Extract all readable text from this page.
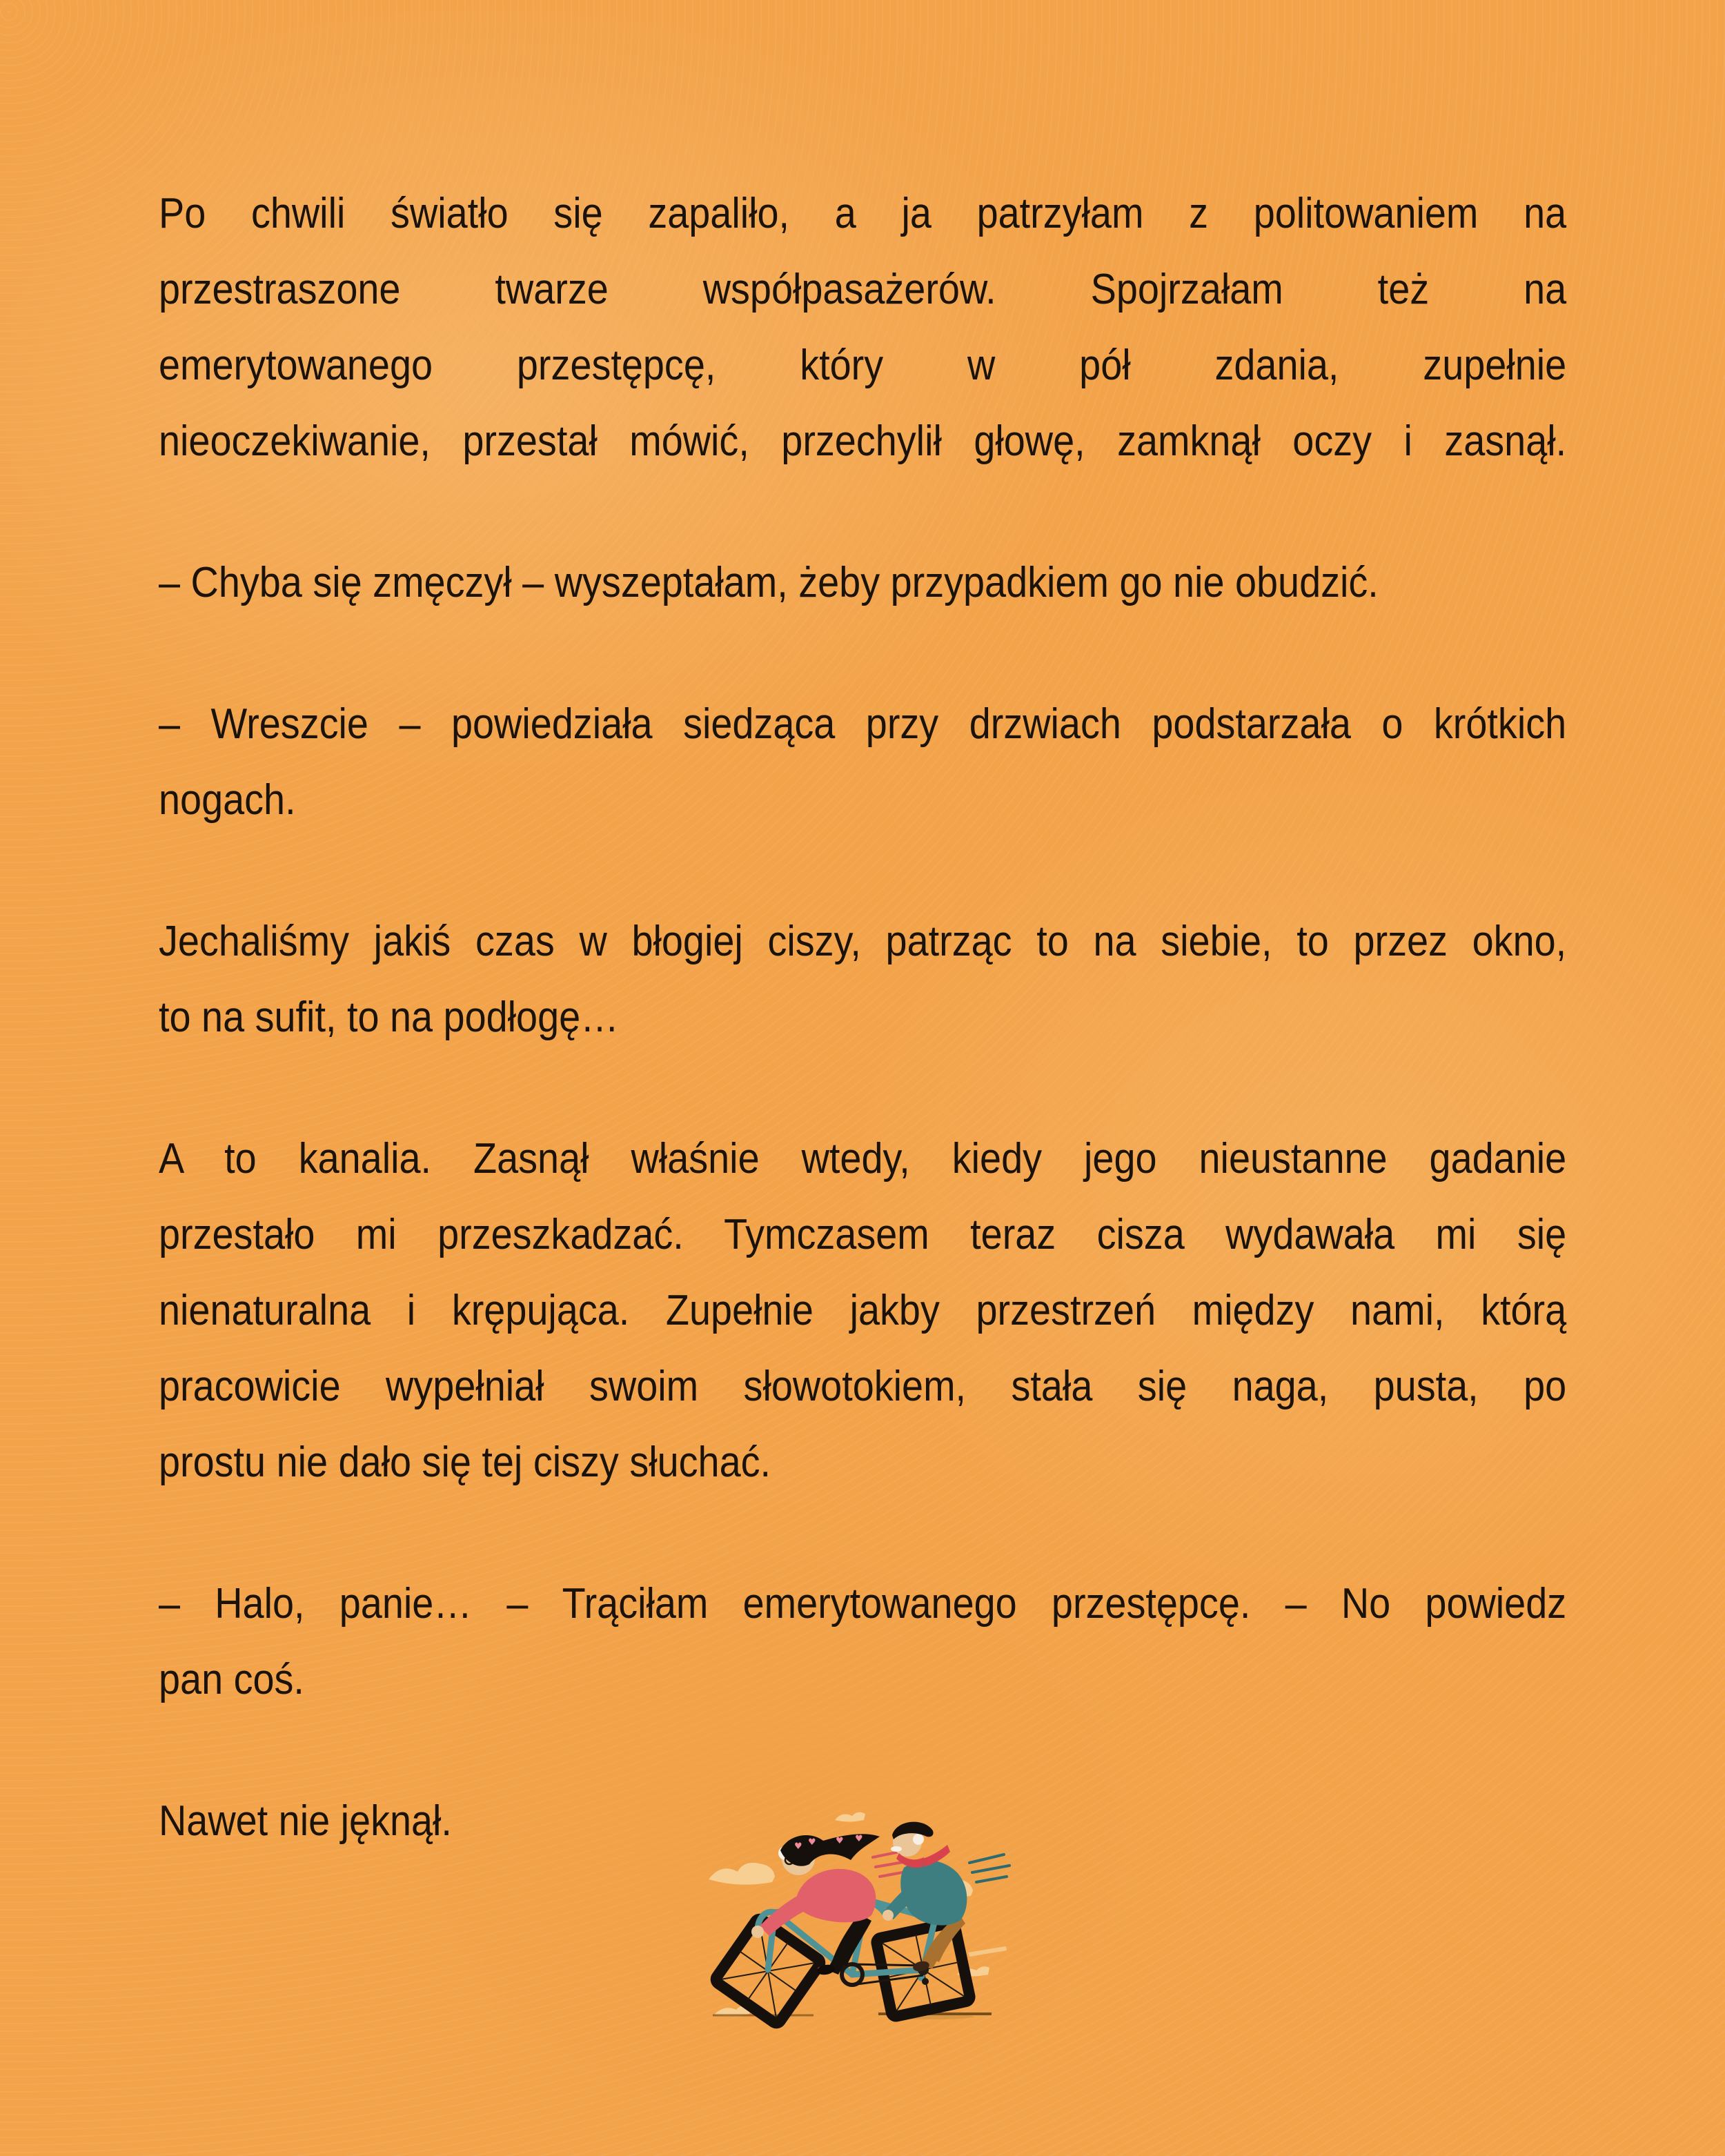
Po chwili światło się zapaliło, a ja patrzyłam z politowaniem na
przestraszone twarze współpasażerów. Spojrzałam też na
emerytowanego przestępcę, który w pół zdania, zupełnie
nieoczekiwanie, przestał mówić, przechylił głowę, zamknął oczy i zasnął.

– Chyba się zmęczył – wyszeptałam, żeby przypadkiem go nie obudzić.

– Wreszcie – powiedziała siedząca przy drzwiach podstarzała o krótkich
nogach.

Jechaliśmy jakiś czas w błogiej ciszy, patrząc to na siebie, to przez okno,
to na sufit, to na podłogę…

A to kanalia. Zasnął właśnie wtedy, kiedy jego nieustanne gadanie
przestało mi przeszkadzać. Tymczasem teraz cisza wydawała mi się
nienaturalna i krępująca. Zupełnie jakby przestrzeń między nami, którą
pracowicie wypełniał swoim słowotokiem, stała się naga, pusta, po
prostu nie dało się tej ciszy słuchać.

– Halo, panie… – Trąciłam emerytowanego przestępcę. – No powiedz
pan coś.

Nawet nie jęknął.

♥ ♥ ♥ ♥
